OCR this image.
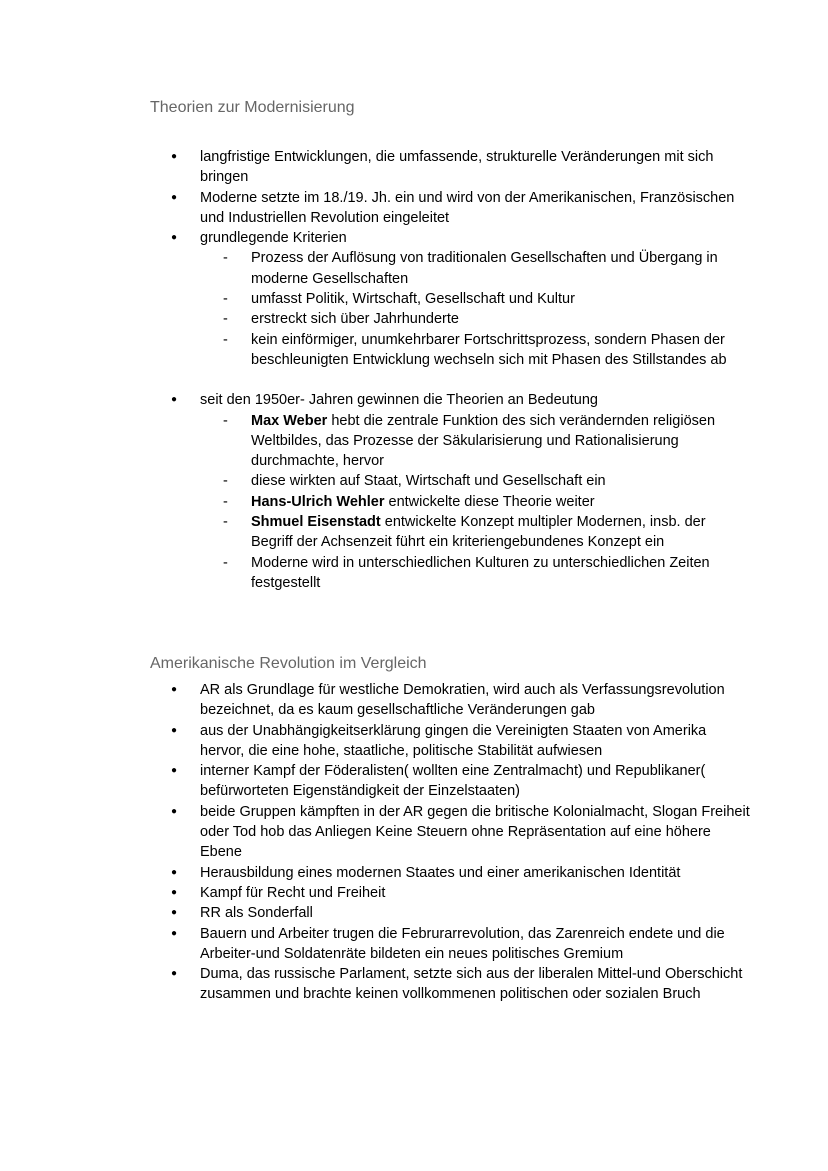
Theorien zur Modernisierung
● langfristige Entwicklungen, die umfassende, strukturelle Veränderungen mit sich bringen
● Moderne setzte im 18./19. Jh. ein und wird von der Amerikanischen, Französischen und Industriellen Revolution eingeleitet
● grundlegende Kriterien
- Prozess der Auflösung von traditionalen Gesellschaften und Übergang in moderne Gesellschaften
- umfasst Politik, Wirtschaft, Gesellschaft und Kultur
- erstreckt sich über Jahrhunderte
- kein einförmiger, unumkehrbarer Fortschrittsprozess, sondern Phasen der beschleunigten Entwicklung wechseln sich mit Phasen des Stillstandes ab
● seit den 1950er- Jahren gewinnen die Theorien an Bedeutung
- Max Weber hebt die zentrale Funktion des sich verändernden religiösen Weltbildes, das Prozesse der Säkularisierung und Rationalisierung durchmachte, hervor
- diese wirkten auf Staat, Wirtschaft und Gesellschaft ein
- Hans-Ulrich Wehler entwickelte diese Theorie weiter
- Shmuel Eisenstadt entwickelte Konzept multipler Modernen, insb. der Begriff der Achsenzeit führt ein kriteriengebundenes Konzept ein
- Moderne wird in unterschiedlichen Kulturen zu unterschiedlichen Zeiten festgestellt
Amerikanische Revolution im Vergleich
● AR als Grundlage für westliche Demokratien, wird auch als Verfassungsrevolution bezeichnet, da es kaum gesellschaftliche Veränderungen gab
● aus der Unabhängigkeitserklärung gingen die Vereinigten Staaten von Amerika hervor, die eine hohe, staatliche, politische Stabilität aufwiesen
● interner Kampf der Föderalisten( wollten eine Zentralmacht) und Republikaner( befürworteten Eigenständigkeit der Einzelstaaten)
● beide Gruppen kämpften in der AR gegen die britische Kolonialmacht, Slogan Freiheit oder Tod hob das Anliegen Keine Steuern ohne Repräsentation auf eine höhere Ebene
● Herausbildung eines modernen Staates und einer amerikanischen Identität
● Kampf für Recht und Freiheit
● RR als Sonderfall
● Bauern und Arbeiter trugen die Februrarrevolution, das Zarenreich endete und die Arbeiter-und Soldatenräte bildeten ein neues politisches Gremium
● Duma, das russische Parlament, setzte sich aus der liberalen Mittel-und Oberschicht zusammen und brachte keinen vollkommenen politischen oder sozialen Bruch
